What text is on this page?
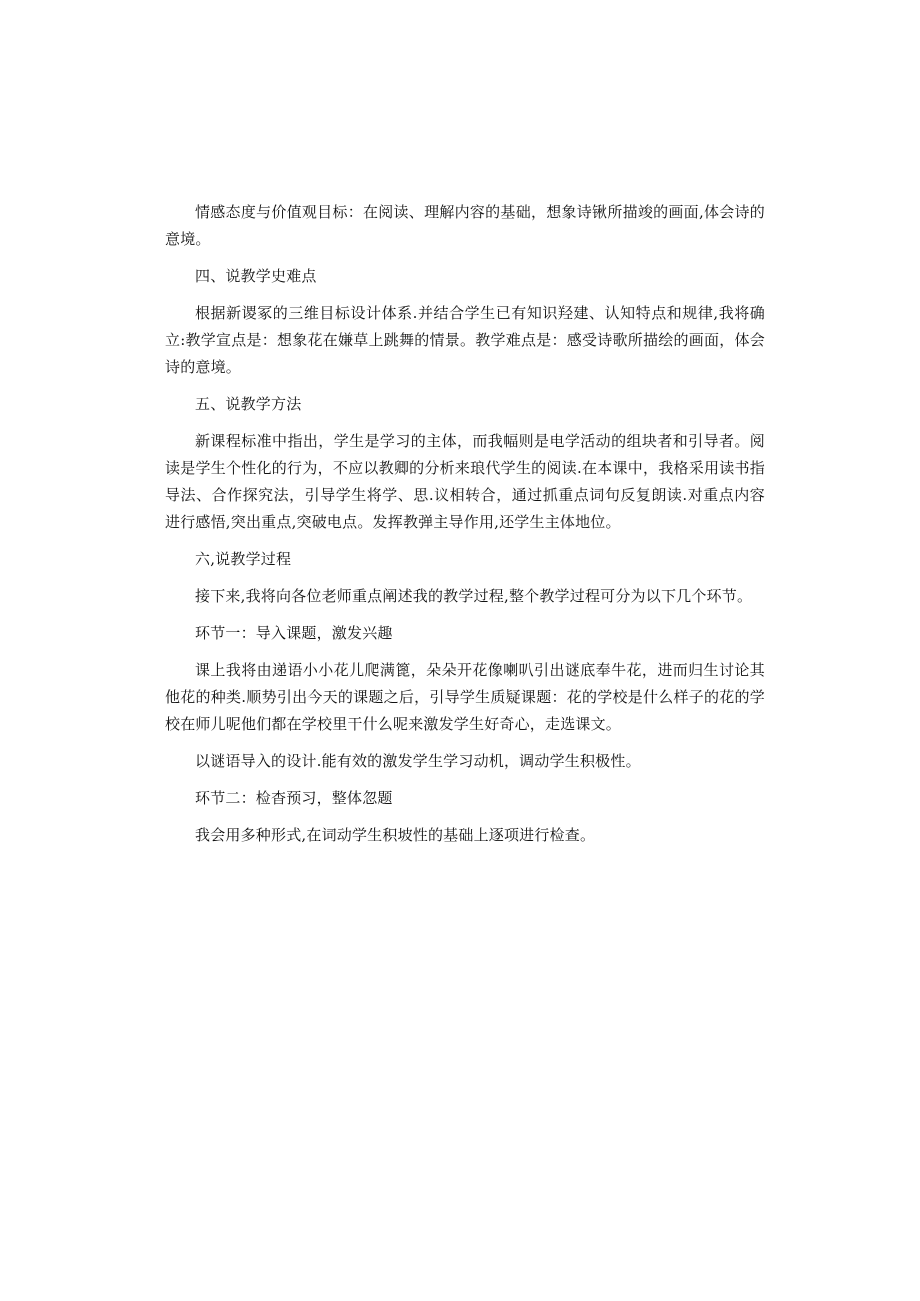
情感态度与价值观目标：在阅读、理解内容的基础，想象诗锹所描竣的画面,体会诗的意境。

四、说教学史难点

根据新谡冢的三维目标设计体系.并结合学生已有知识羟建、认知特点和规律,我将确立:教学宣点是：想象花在嫌草上跳舞的情景。教学难点是：感受诗歌所描绘的画面，体会诗的意境。

五、说教学方法

新课程标准中指出，学生是学习的主体，而我幅则是电学活动的组块者和引导者。阅读是学生个性化的行为，不应以教卿的分析来琅代学生的阅读.在本课中，我格采用读书指导法、合作探究法，引导学生将学、思.议相转合，通过抓重点词句反复朗读.对重点内容进行感悟,突出重点,突破电点。发挥教弹主导作用,还学生主体地位。

六,说教学过程

接下来,我将向各位老师重点阐述我的教学过程,整个教学过程可分为以下几个环节。

环节一：导入课题，激发兴趣

课上我将由递语小小花儿爬满篦，朵朵开花像喇叭引出谜底奉牛花，进而归生讨论其他花的种类.顺势引出今天的课题之后，引导学生质疑课题：花的学校是什么样子的花的学校在师儿呢他们都在学校里干什么呢来激发学生好奇心，走选课文。

以谜语导入的设计.能有效的激发学生学习动机，调动学生积极性。

环节二：检杳预习，整体忽题

我会用多种形式,在词动学生积坡性的基础上逐项进行检查。
